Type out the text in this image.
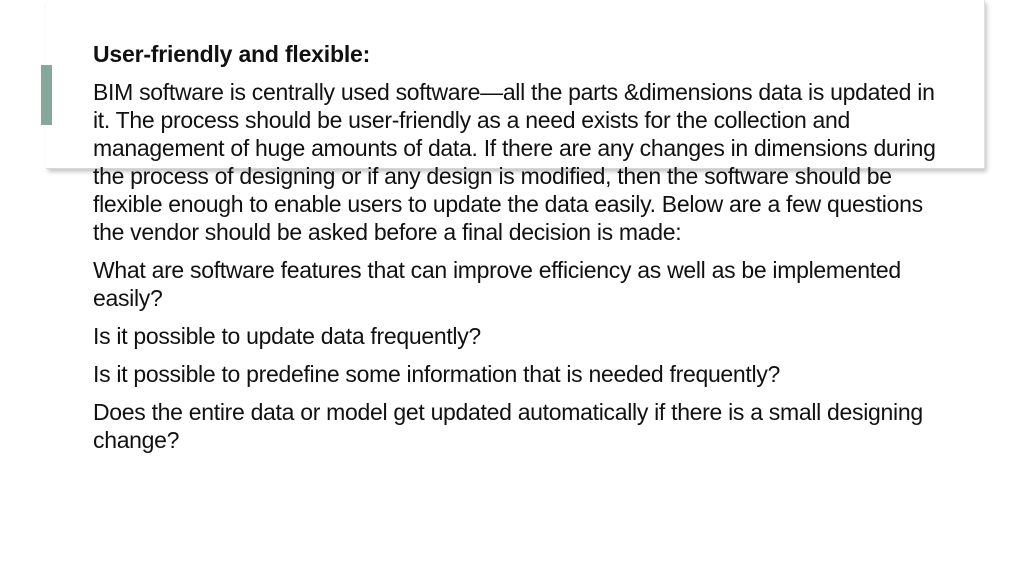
User-friendly and flexible:

BIM software is centrally used software—all the parts &dimensions data is updated in it. The process should be user-friendly as a need exists for the collection and management of huge amounts of data. If there are any changes in dimensions during the process of designing or if any design is modified, then the software should be flexible enough to enable users to update the data easily. Below are a few questions the vendor should be asked before a final decision is made:

What are software features that can improve efficiency as well as be implemented easily?

Is it possible to update data frequently?

Is it possible to predefine some information that is needed frequently?

Does the entire data or model get updated automatically if there is a small designing change?
